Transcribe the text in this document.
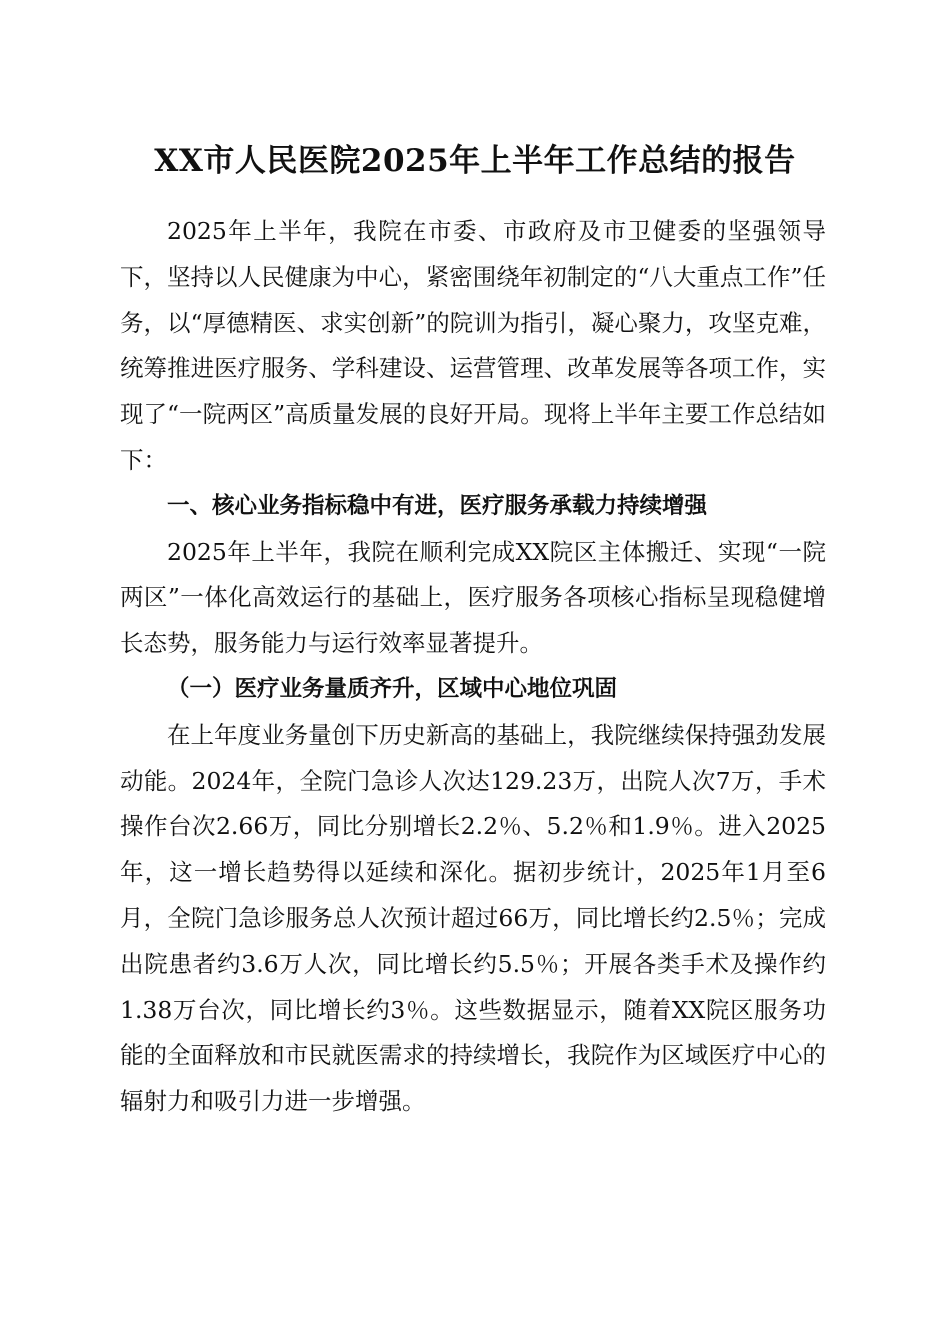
XX市人民医院2025年上半年工作总结的报告

2025年上半年，我院在市委、市政府及市卫健委的坚强领导下，坚持以人民健康为中心，紧密围绕年初制定的“八大重点工作”任务，以“厚德精医、求实创新”的院训为指引，凝心聚力，攻坚克难，统筹推进医疗服务、学科建设、运营管理、改革发展等各项工作，实现了“一院两区”高质量发展的良好开局。现将上半年主要工作总结如下：

一、核心业务指标稳中有进，医疗服务承载力持续增强

2025年上半年，我院在顺利完成XX院区主体搬迁、实现“一院两区”一体化高效运行的基础上，医疗服务各项核心指标呈现稳健增长态势，服务能力与运行效率显著提升。

（一）医疗业务量质齐升，区域中心地位巩固

在上年度业务量创下历史新高的基础上，我院继续保持强劲发展动能。2024年，全院门急诊人次达129.23万，出院人次7万，手术操作台次2.66万，同比分别增长2.2％、5.2％和1.9％。进入2025年，这一增长趋势得以延续和深化。据初步统计，2025年1月至6月，全院门急诊服务总人次预计超过66万，同比增长约2.5％；完成出院患者约3.6万人次，同比增长约5.5％；开展各类手术及操作约1.38万台次，同比增长约3％。这些数据显示，随着XX院区服务功能的全面释放和市民就医需求的持续增长，我院作为区域医疗中心的辐射力和吸引力进一步增强。
